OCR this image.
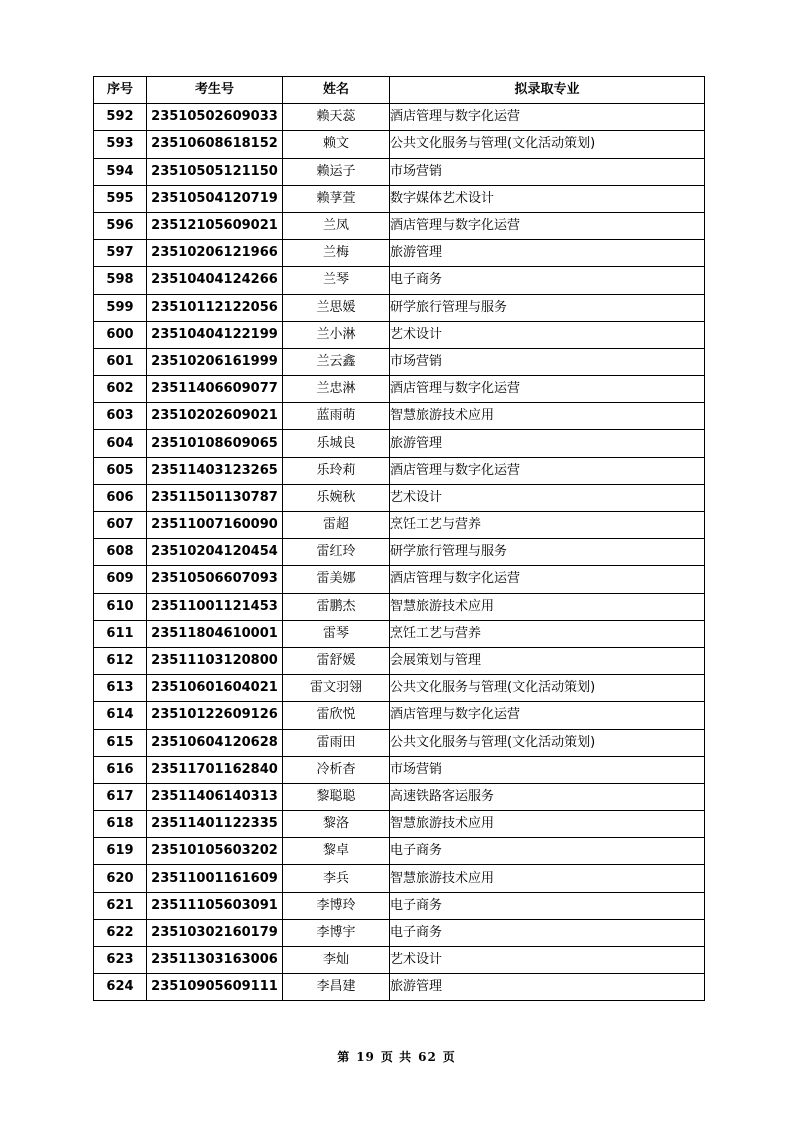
序号	考生号	姓名	拟录取专业
592	23510502609033	赖天蕊	酒店管理与数字化运营
593	23510608618152	赖文	公共文化服务与管理(文化活动策划)
594	23510505121150	赖运子	市场营销
595	23510504120719	赖莩萱	数字媒体艺术设计
596	23512105609021	兰凤	酒店管理与数字化运营
597	23510206121966	兰梅	旅游管理
598	23510404124266	兰琴	电子商务
599	23510112122056	兰思媛	研学旅行管理与服务
600	23510404122199	兰小淋	艺术设计
601	23510206161999	兰云鑫	市场营销
602	23511406609077	兰忠淋	酒店管理与数字化运营
603	23510202609021	蓝雨萌	智慧旅游技术应用
604	23510108609065	乐城良	旅游管理
605	23511403123265	乐玲莉	酒店管理与数字化运营
606	23511501130787	乐婉秋	艺术设计
607	23511007160090	雷超	烹饪工艺与营养
608	23510204120454	雷红玲	研学旅行管理与服务
609	23510506607093	雷美娜	酒店管理与数字化运营
610	23511001121453	雷鹏杰	智慧旅游技术应用
611	23511804610001	雷琴	烹饪工艺与营养
612	23511103120800	雷舒媛	会展策划与管理
613	23510601604021	雷文羽翎	公共文化服务与管理(文化活动策划)
614	23510122609126	雷欣悦	酒店管理与数字化运营
615	23510604120628	雷雨田	公共文化服务与管理(文化活动策划)
616	23511701162840	冷析杳	市场营销
617	23511406140313	黎聪聪	高速铁路客运服务
618	23511401122335	黎洛	智慧旅游技术应用
619	23510105603202	黎卓	电子商务
620	23511001161609	李兵	智慧旅游技术应用
621	23511105603091	李博玲	电子商务
622	23510302160179	李博宇	电子商务
623	23511303163006	李灿	艺术设计
624	23510905609111	李昌建	旅游管理
第 19 页 共 62 页
